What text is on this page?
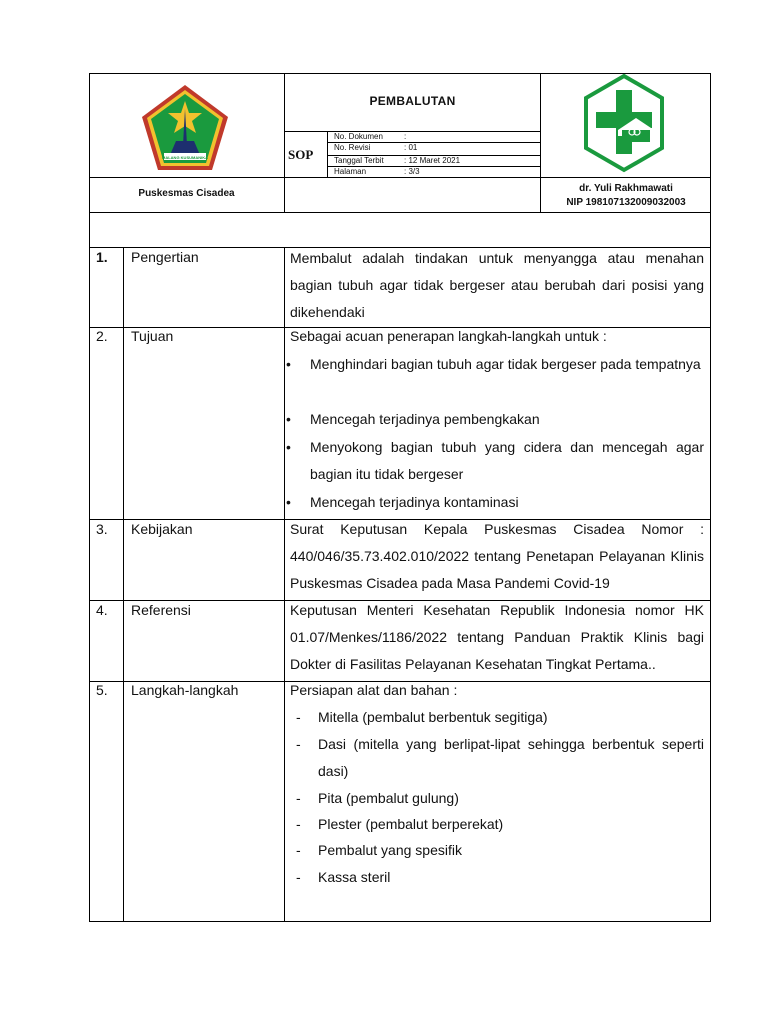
MALANG KUSUMANIKA
PEMBALUTAN
SOP
No. Dokumen	:
No. Revisi	: 01
Tanggal Terbit	: 12 Maret 2021
Halaman	: 3/3
Puskesmas Cisadea	dr. Yuli Rakhmawati
NIP 198107132009032003
1. Pengertian	Membalut adalah tindakan untuk menyangga atau menahan bagian tubuh agar tidak bergeser atau berubah dari posisi yang dikehendaki
2. Tujuan	Sebagai acuan penerapan langkah-langkah untuk :
• Menghindari bagian tubuh agar tidak bergeser pada tempatnya
• Mencegah terjadinya pembengkakan
• Menyokong bagian tubuh yang cidera dan mencegah agar bagian itu tidak bergeser
• Mencegah terjadinya kontaminasi
3. Kebijakan	Surat Keputusan Kepala Puskesmas Cisadea Nomor : 440/046/35.73.402.010/2022 tentang Penetapan Pelayanan Klinis Puskesmas Cisadea pada Masa Pandemi Covid-19
4. Referensi	Keputusan Menteri Kesehatan Republik Indonesia nomor HK 01.07/Menkes/1186/2022 tentang Panduan Praktik Klinis bagi Dokter di Fasilitas Pelayanan Kesehatan Tingkat Pertama..
5. Langkah-langkah	Persiapan alat dan bahan :
- Mitella (pembalut berbentuk segitiga)
- Dasi (mitella yang berlipat-lipat sehingga berbentuk seperti dasi)
- Pita (pembalut gulung)
- Plester (pembalut berperekat)
- Pembalut yang spesifik
- Kassa steril
